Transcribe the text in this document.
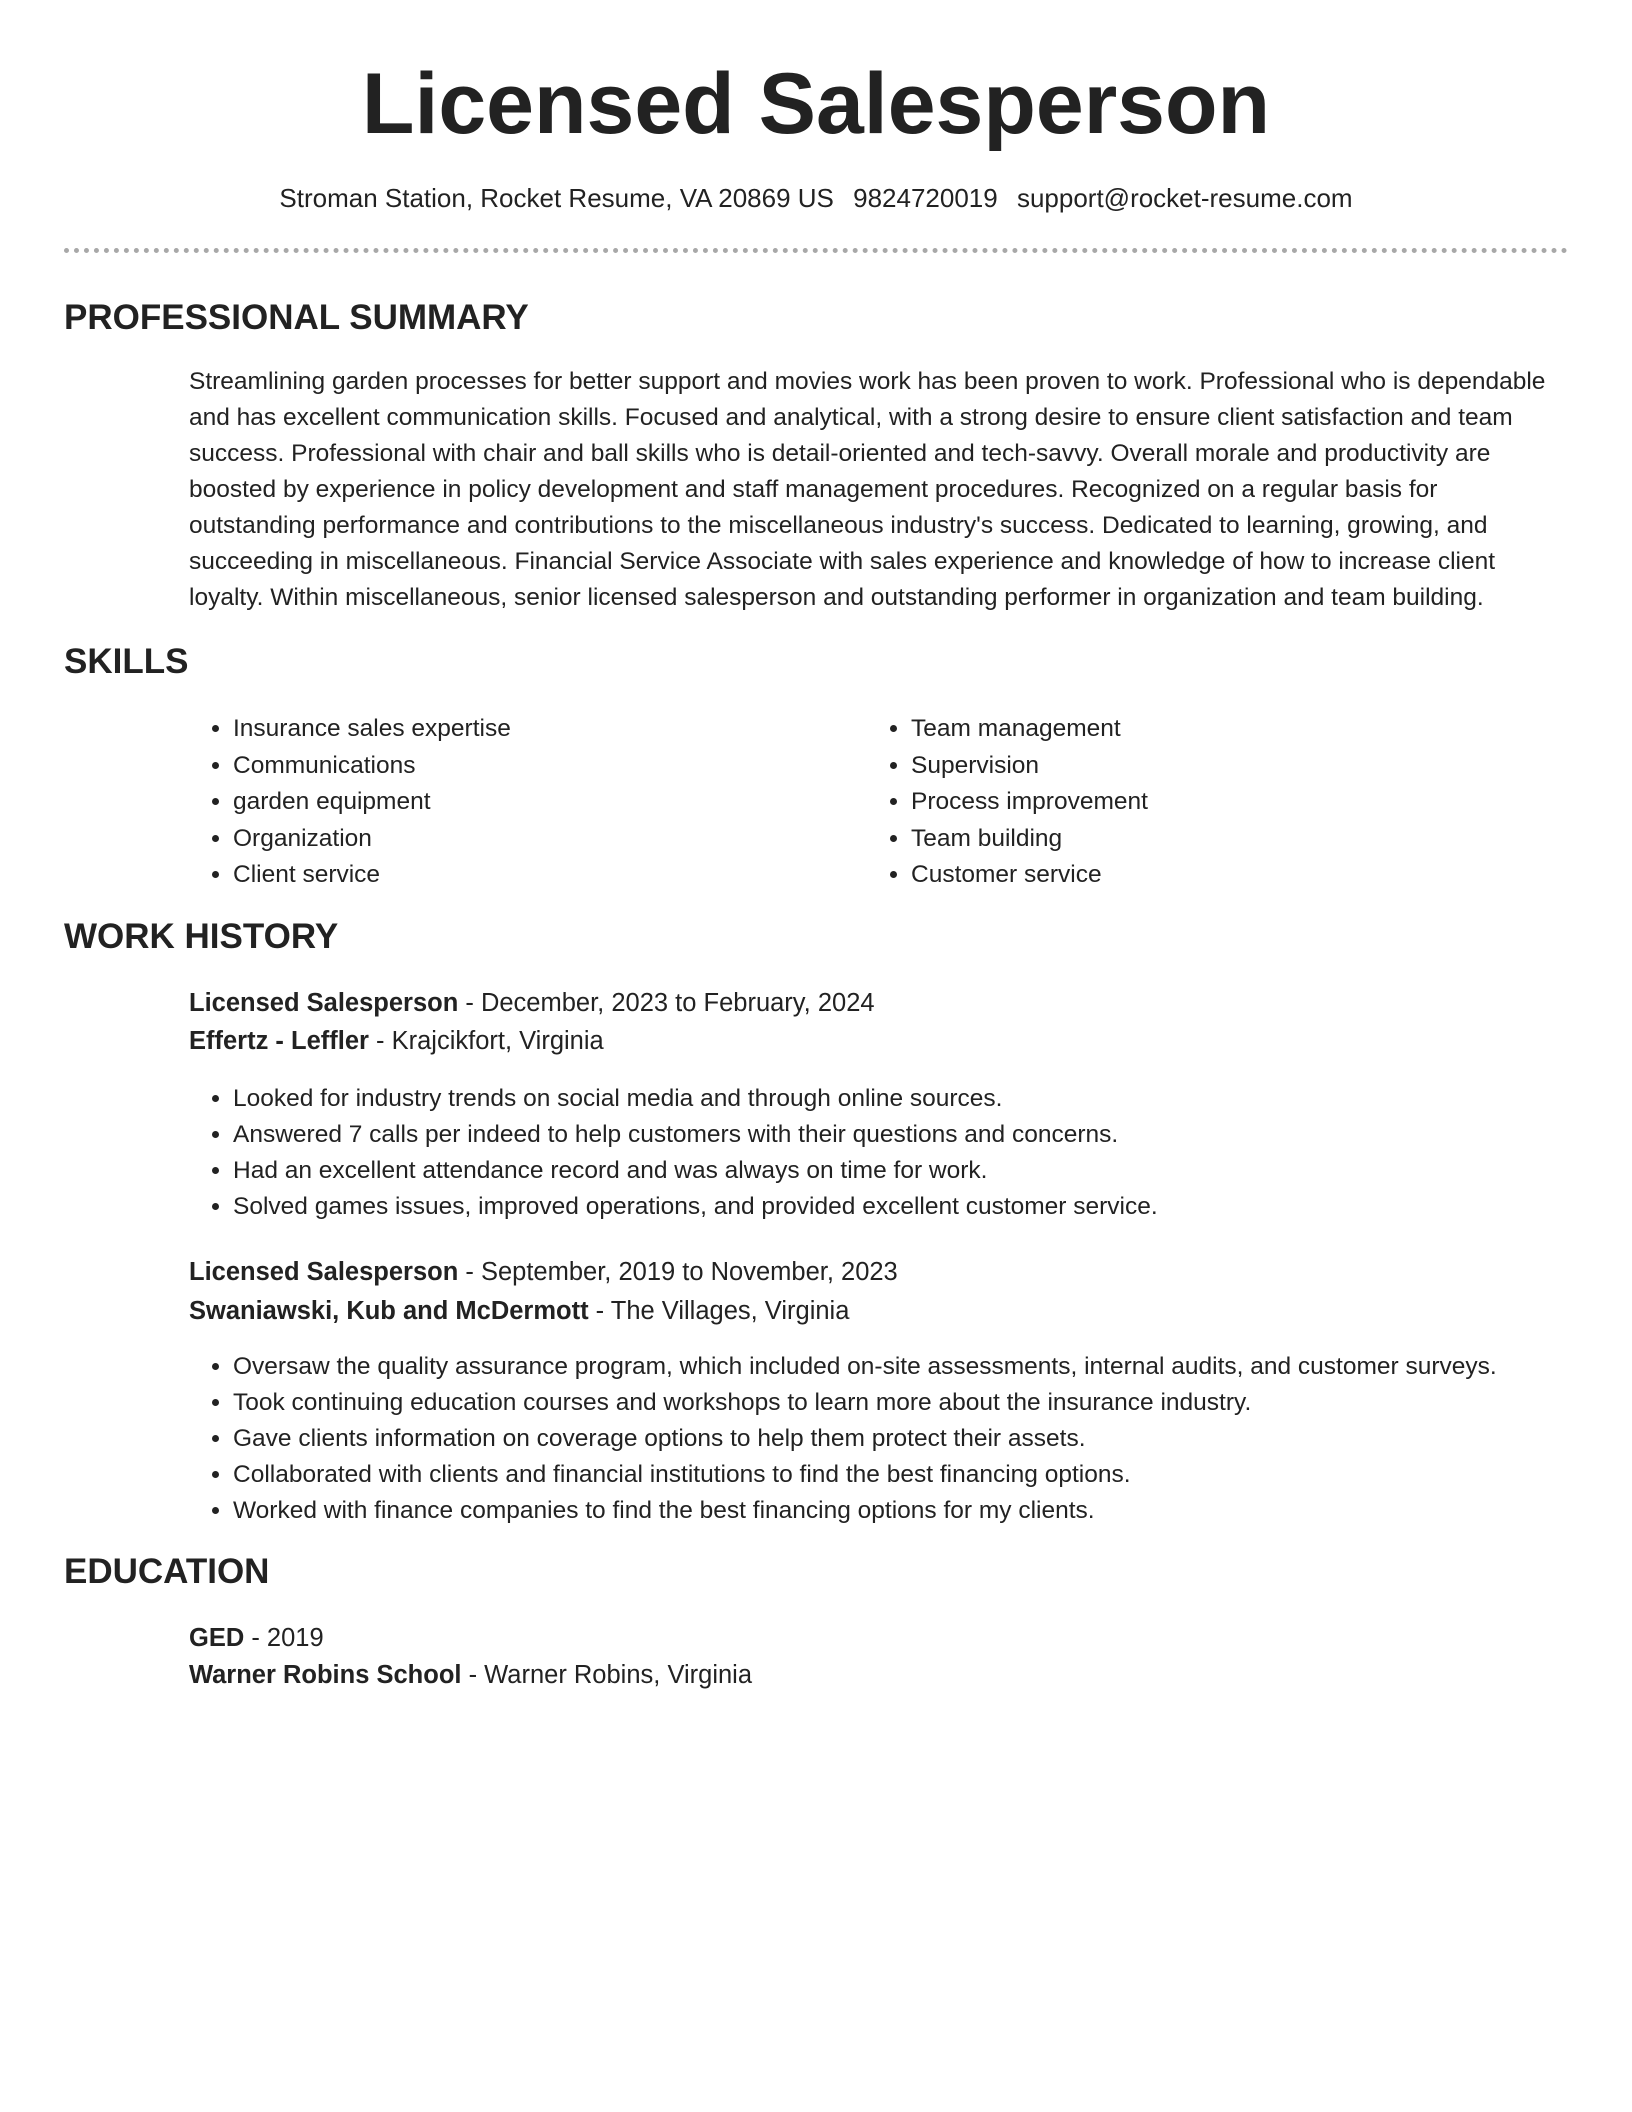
Licensed Salesperson
Stroman Station, Rocket Resume, VA 20869 US 9824720019 support@rocket-resume.com
PROFESSIONAL SUMMARY

Streamlining garden processes for better support and movies work has been proven to work. Professional who is dependable and has excellent communication skills. Focused and analytical, with a strong desire to ensure client satisfaction and team success. Professional with chair and ball skills who is detail-oriented and tech-savvy. Overall morale and productivity are boosted by experience in policy development and staff management procedures. Recognized on a regular basis for outstanding performance and contributions to the miscellaneous industry's success. Dedicated to learning, growing, and succeeding in miscellaneous. Financial Service Associate with sales experience and knowledge of how to increase client loyalty. Within miscellaneous, senior licensed salesperson and outstanding performer in organization and team building.

SKILLS
• Insurance sales expertise
• Communications
• garden equipment
• Organization
• Client service
• Team management
• Supervision
• Process improvement
• Team building
• Customer service
WORK HISTORY
Licensed Salesperson - December, 2023 to February, 2024
Effertz - Leffler - Krajcikfort, Virginia
• Looked for industry trends on social media and through online sources.
• Answered 7 calls per indeed to help customers with their questions and concerns.
• Had an excellent attendance record and was always on time for work.
• Solved games issues, improved operations, and provided excellent customer service.
Licensed Salesperson - September, 2019 to November, 2023
Swaniawski, Kub and McDermott - The Villages, Virginia
• Oversaw the quality assurance program, which included on-site assessments, internal audits, and customer surveys.
• Took continuing education courses and workshops to learn more about the insurance industry.
• Gave clients information on coverage options to help them protect their assets.
• Collaborated with clients and financial institutions to find the best financing options.
• Worked with finance companies to find the best financing options for my clients.
EDUCATION
GED - 2019
Warner Robins School - Warner Robins, Virginia
